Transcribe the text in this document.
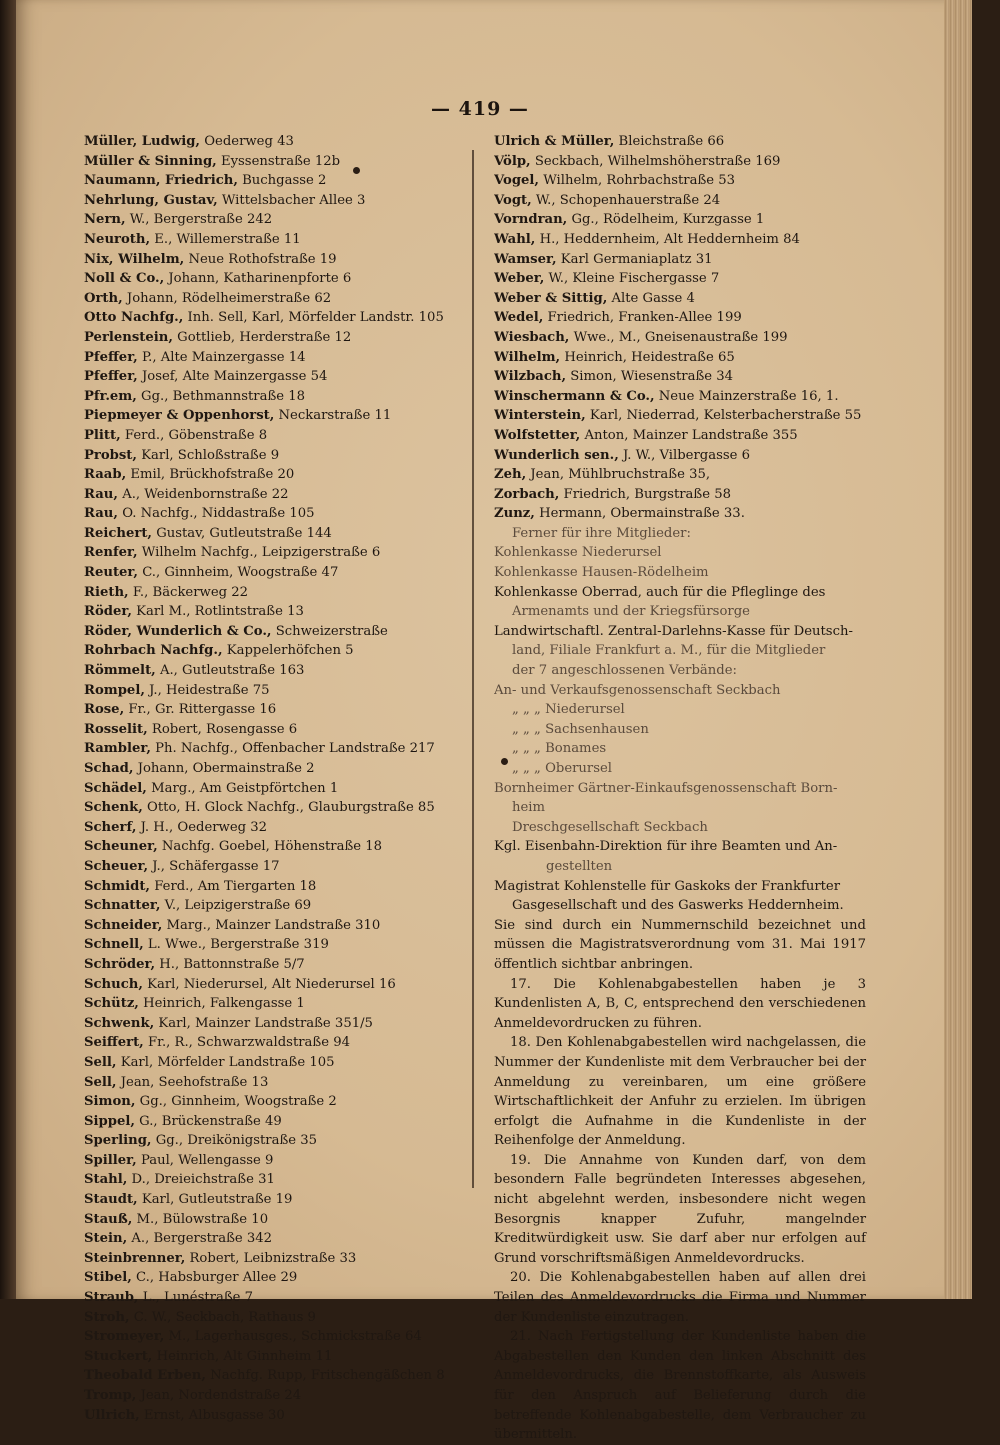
— 419 —
Müller, Ludwig, Oederweg 43
Müller & Sinning, Eyssenstraße 12b
Naumann, Friedrich, Buchgasse 2
Nehrlung, Gustav, Wittelsbacher Allee 3
Nern, W., Bergerstraße 242
Neuroth, E., Willemerstraße 11
Nix, Wilhelm, Neue Rothofstraße 19
Noll & Co., Johann, Katharinenpforte 6
Orth, Johann, Rödelheimerstraße 62
Otto Nachfg., Inh. Sell, Karl, Mörfelder Landstr. 105
Perlenstein, Gottlieb, Herderstraße 12
Pfeffer, P., Alte Mainzergasse 14
Pfeffer, Josef, Alte Mainzergasse 54
Pfr.em, Gg., Bethmannstraße 18
Piepmeyer & Oppenhorst, Neckarstraße 11
Plitt, Ferd., Göbenstraße 8
Probst, Karl, Schloßstraße 9
Raab, Emil, Brückhofstraße 20
Rau, A., Weidenbornstraße 22
Rau, O. Nachfg., Niddastraße 105
Reichert, Gustav, Gutleutstraße 144
Renfer, Wilhelm Nachfg., Leipzigerstraße 6
Reuter, C., Ginnheim, Woogstraße 47
Rieth, F., Bäckerweg 22
Röder, Karl M., Rotlintstraße 13
Röder, Wunderlich & Co., Schweizerstraße
Rohrbach Nachfg., Kappelerhöfchen 5
Römmelt, A., Gutleutstraße 163
Rompel, J., Heidestraße 75
Rose, Fr., Gr. Rittergasse 16
Rosselit, Robert, Rosengasse 6
Rambler, Ph. Nachfg., Offenbacher Landstraße 217
Schad, Johann, Obermainstraße 2
Schädel, Marg., Am Geistpförtchen 1
Schenk, Otto, H. Glock Nachfg., Glauburgstraße 85
Scherf, J. H., Oederweg 32
Scheuner, Nachfg. Goebel, Höhenstraße 18
Scheuer, J., Schäfergasse 17
Schmidt, Ferd., Am Tiergarten 18
Schnatter, V., Leipzigerstraße 69
Schneider, Marg., Mainzer Landstraße 310
Schnell, L. Wwe., Bergerstraße 319
Schröder, H., Battonnstraße 5/7
Schuch, Karl, Niederursel, Alt Niederursel 16
Schütz, Heinrich, Falkengasse 1
Schwenk, Karl, Mainzer Landstraße 351/5
Seiffert, Fr., R., Schwarzwaldstraße 94
Sell, Karl, Mörfelder Landstraße 105
Sell, Jean, Seehofstraße 13
Simon, Gg., Ginnheim, Woogstraße 2
Sippel, G., Brückenstraße 49
Sperling, Gg., Dreikönigstraße 35
Spiller, Paul, Wellengasse 9
Stahl, D., Dreieichstraße 31
Staudt, Karl, Gutleutstraße 19
Stauß, M., Bülowstraße 10
Stein, A., Bergerstraße 342
Steinbrenner, Robert, Leibnizstraße 33
Stibel, C., Habsburger Allee 29
Straub, L., Lunéstraße 7
Stroh, C. W., Seckbach, Rathaus 9
Stromeyer, M., Lagerhausges., Schmickstraße 64
Stuckert, Heinrich, Alt Ginnheim 11
Theobald Erben, Nachfg. Rupp, Fritschengäßchen 8
Tromp, Jean, Nordendstraße 24
Ullrich, Ernst, Albusgasse 30
Ulrich & Müller, Bleichstraße 66
Völp, Seckbach, Wilhelmshöherstraße 169
Vogel, Wilhelm, Rohrbachstraße 53
Vogt, W., Schopenhauerstraße 24
Vorndran, Gg., Rödelheim, Kurzgasse 1
Wahl, H., Heddernheim, Alt Heddernheim 84
Wamser, Karl Germaniaplatz 31
Weber, W., Kleine Fischergasse 7
Weber & Sittig, Alte Gasse 4
Wedel, Friedrich, Franken-Allee 199
Wiesbach, Wwe., M., Gneisenaustraße 199
Wilhelm, Heinrich, Heidestraße 65
Wilzbach, Simon, Wiesenstraße 34
Winschermann & Co., Neue Mainzerstraße 16, 1.
Winterstein, Karl, Niederrad, Kelsterbacherstraße 55
Wolfstetter, Anton, Mainzer Landstraße 355
Wunderlich sen., J. W., Vilbergasse 6
Zeh, Jean, Mühlbruchstraße 35,
Zorbach, Friedrich, Burgstraße 58
Zunz, Hermann, Obermainstraße 33.
Ferner für ihre Mitglieder:
Kohlenkasse Niederursel
Kohlenkasse Hausen-Rödelheim
Kohlenkasse Oberrad, auch für die Pfleglinge des
Armenamts und der Kriegsfürsorge
Landwirtschaftl. Zentral-Darlehns-Kasse für Deutsch-
land, Filiale Frankfurt a. M., für die Mitglieder
der 7 angeschlossenen Verbände:
An- und Verkaufsgenossenschaft Seckbach
„ „ „ Niederursel
„ „ „ Sachsenhausen
„ „ „ Bonames
„ „ „ Oberursel
Bornheimer Gärtner-Einkaufsgenossenschaft Born-
heim
Dreschgesellschaft Seckbach
Kgl. Eisenbahn-Direktion für ihre Beamten und An-
gestellten
Magistrat Kohlenstelle für Gaskoks der Frankfurter
Gasgesellschaft und des Gaswerks Heddernheim.
Sie sind durch ein Nummernschild bezeichnet und müssen die Magistratsverordnung vom 31. Mai 1917 öffentlich sichtbar anbringen.
17. Die Kohlenabgabestellen haben je 3 Kundenlisten A, B, C, entsprechend den verschiedenen Anmeldevordrucken zu führen.
18. Den Kohlenabgabestellen wird nachgelassen, die Nummer der Kundenliste mit dem Verbraucher bei der Anmeldung zu vereinbaren, um eine größere Wirtschaftlichkeit der Anfuhr zu erzielen. Im übrigen erfolgt die Aufnahme in die Kundenliste in der Reihenfolge der Anmeldung.
19. Die Annahme von Kunden darf, von dem besondern Falle begründeten Interesses abgesehen, nicht abgelehnt werden, insbesondere nicht wegen Besorgnis knapper Zufuhr, mangelnder Kreditwürdigkeit usw. Sie darf aber nur erfolgen auf Grund vorschriftsmäßigen Anmeldevordrucks.
20. Die Kohlenabgabestellen haben auf allen drei Teilen des Anmeldevordrucks die Firma und Nummer der Kundenliste einzutragen.
21. Nach Fertigstellung der Kundenliste haben die Abgabestellen den Kunden den linken Abschnitt des Anmeldevordrucks, die Brennstoffkarte, als Ausweis für den Anspruch auf Belieferung durch die betreffende Kohlenabgabestelle, dem Verbraucher zu übermitteln.
